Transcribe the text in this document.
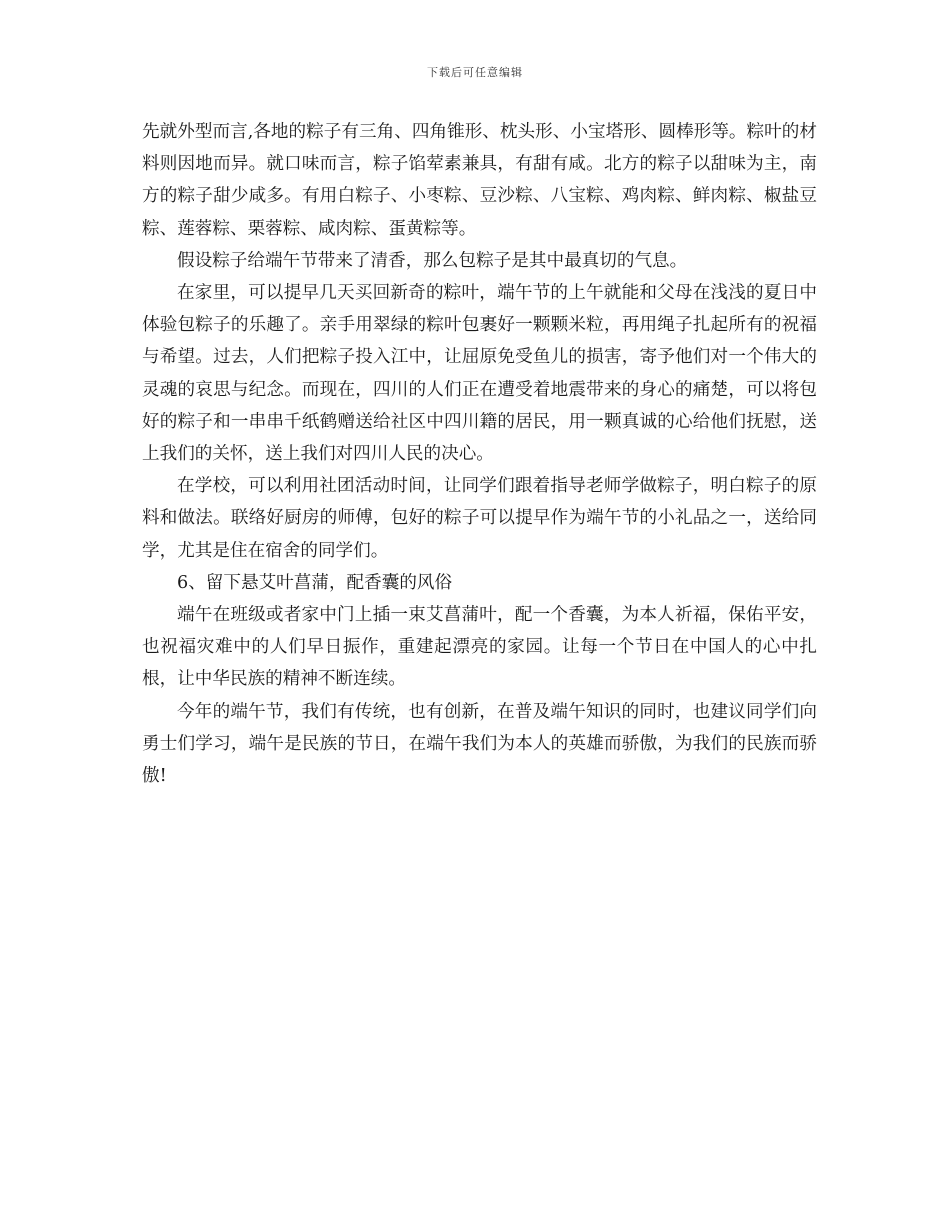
下载后可任意编辑

先就外型而言,各地的粽子有三角、四角锥形、枕头形、小宝塔形、圆棒形等。粽叶的材料则因地而异。就口味而言，粽子馅荤素兼具，有甜有咸。北方的粽子以甜味为主，南方的粽子甜少咸多。有用白粽子、小枣粽、豆沙粽、八宝粽、鸡肉粽、鲜肉粽、椒盐豆粽、莲蓉粽、栗蓉粽、咸肉粽、蛋黄粽等。

假设粽子给端午节带来了清香，那么包粽子是其中最真切的气息。

在家里，可以提早几天买回新奇的粽叶，端午节的上午就能和父母在浅浅的夏日中体验包粽子的乐趣了。亲手用翠绿的粽叶包裹好一颗颗米粒，再用绳子扎起所有的祝福与希望。过去，人们把粽子投入江中，让屈原免受鱼儿的损害，寄予他们对一个伟大的灵魂的哀思与纪念。而现在，四川的人们正在遭受着地震带来的身心的痛楚，可以将包好的粽子和一串串千纸鹤赠送给社区中四川籍的居民，用一颗真诚的心给他们抚慰，送上我们的关怀，送上我们对四川人民的决心。

在学校，可以利用社团活动时间，让同学们跟着指导老师学做粽子，明白粽子的原料和做法。联络好厨房的师傅，包好的粽子可以提早作为端午节的小礼品之一，送给同学，尤其是住在宿舍的同学们。

6、留下悬艾叶菖蒲，配香囊的风俗

端午在班级或者家中门上插一束艾菖蒲叶，配一个香囊，为本人祈福，保佑平安，也祝福灾难中的人们早日振作，重建起漂亮的家园。让每一个节日在中国人的心中扎根，让中华民族的精神不断连续。

今年的端午节，我们有传统，也有创新，在普及端午知识的同时，也建议同学们向勇士们学习，端午是民族的节日，在端午我们为本人的英雄而骄傲，为我们的民族而骄傲!
